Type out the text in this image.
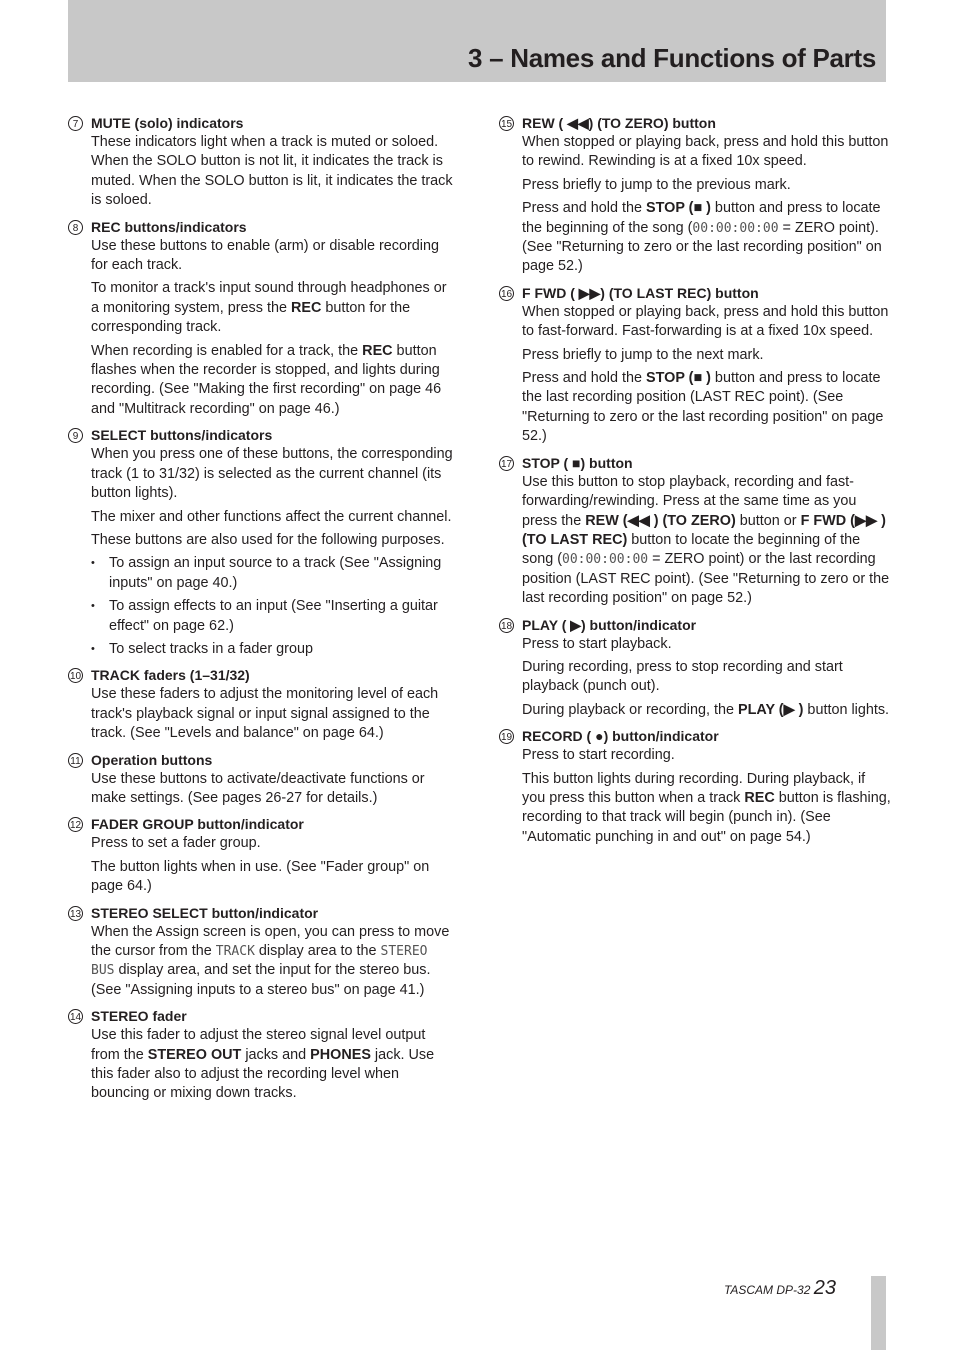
3 – Names and Functions of Parts
7 MUTE (solo) indicators

These indicators light when a track is muted or soloed. When the SOLO button is not lit, it indicates the track is muted. When the SOLO button is lit, it indicates the track is soloed.

8 REC buttons/indicators

Use these buttons to enable (arm) or disable recording for each track.

To monitor a track's input sound through headphones or a monitoring system, press the REC button for the corresponding track.

When recording is enabled for a track, the REC button flashes when the recorder is stopped, and lights during recording. (See "Making the first recording" on page 46 and "Multitrack recording" on page 46.)

9 SELECT buttons/indicators

When you press one of these buttons, the corresponding track (1 to 31/32) is selected as the current channel (its button lights).

The mixer and other functions affect the current channel.

These buttons are also used for the following purposes.

• To assign an input source to a track (See "Assigning inputs" on page 40.)
• To assign effects to an input (See "Inserting a guitar effect" on page 62.)
• To select tracks in a fader group
10 TRACK faders (1–31/32)

Use these faders to adjust the monitoring level of each track's playback signal or input signal assigned to the track. (See "Levels and balance" on page 64.)

11 Operation buttons

Use these buttons to activate/deactivate functions or make settings. (See pages 26-27 for details.)

12 FADER GROUP button/indicator

Press to set a fader group.

The button lights when in use. (See "Fader group" on page 64.)

13 STEREO SELECT button/indicator

When the Assign screen is open, you can press to move the cursor from the TRACK display area to the STEREO BUS display area, and set the input for the stereo bus. (See "Assigning inputs to a stereo bus" on page 41.)

14 STEREO fader

Use this fader to adjust the stereo signal level output from the STEREO OUT jacks and PHONES jack. Use this fader also to adjust the recording level when bouncing or mixing down tracks.

15 REW ( ◀◀) (TO ZERO) button

When stopped or playing back, press and hold this button to rewind. Rewinding is at a fixed 10x speed.

Press briefly to jump to the previous mark.

Press and hold the STOP (■ ) button and press to locate the beginning of the song (00:00:00:00 = ZERO point). (See "Returning to zero or the last recording position" on page 52.)

16 F FWD ( ▶▶) (TO LAST REC) button

When stopped or playing back, press and hold this button to fast-forward. Fast-forwarding is at a fixed 10x speed.

Press briefly to jump to the next mark.

Press and hold the STOP (■ ) button and press to locate the last recording position (LAST REC point). (See "Returning to zero or the last recording position" on page 52.)

17 STOP ( ■) button

Use this button to stop playback, recording and fast-forwarding/rewinding. Press at the same time as you press the REW (◀◀ ) (TO ZERO) button or F FWD (▶▶ ) (TO LAST REC) button to locate the beginning of the song (00:00:00:00 = ZERO point) or the last recording position (LAST REC point). (See "Returning to zero or the last recording position" on page 52.)

18 PLAY ( ▶) button/indicator

Press to start playback.

During recording, press to stop recording and start playback (punch out).

During playback or recording, the PLAY (▶ ) button lights.

19 RECORD ( ●) button/indicator

Press to start recording.

This button lights during recording. During playback, if you press this button when a track REC button is flashing, recording to that track will begin (punch in). (See "Automatic punching in and out" on page 54.)

TASCAM DP-32 23
